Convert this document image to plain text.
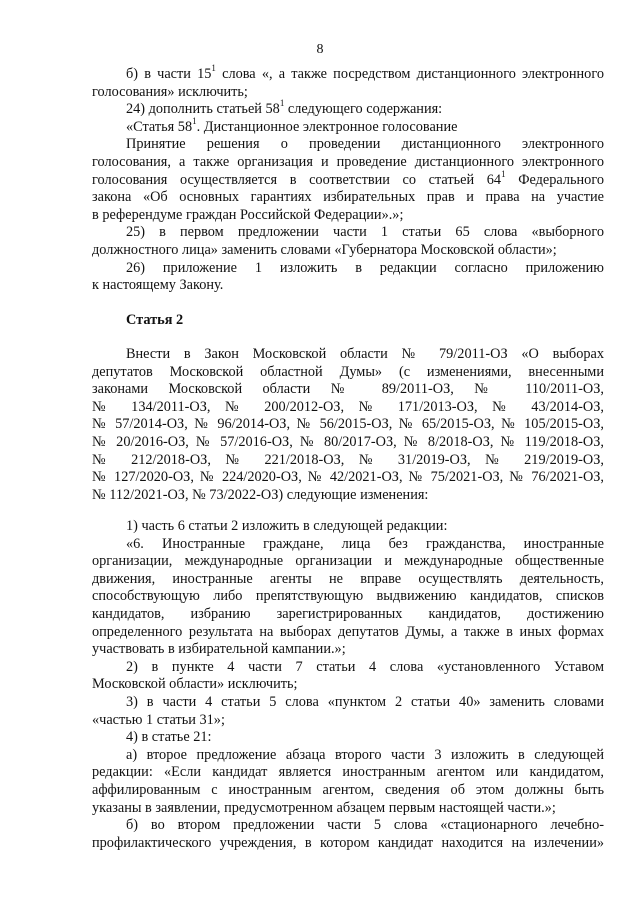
8
б) в части $15^1$ слова «, а также посредством дистанционного электронного
голосования» исключить;
24) дополнить статьей $58^1$ следующего содержания:
«Статья $58^1$. Дистанционное электронное голосование
Принятие решения о проведении дистанционного электронного
голосования, а также организация и проведение дистанционного электронного
голосования осуществляется в соответствии со статьей $64^1$ Федерального
закона «Об основных гарантиях избирательных прав и права на участие
в референдуме граждан Российской Федерации».»;
25) в первом предложении части 1 статьи 65 слова «выборного
должностного лица» заменить словами «Губернатора Московской области»;
26) приложение 1 изложить в редакции согласно приложению
к настоящему Закону.
Статья 2
Внести в Закон Московской области № 79/2011-ОЗ «О выборах
депутатов Московской областной Думы» (с изменениями, внесенными
законами Московской области № 89/2011-ОЗ, № 110/2011-ОЗ,
№ 134/2011-ОЗ, № 200/2012-ОЗ, № 171/2013-ОЗ, № 43/2014-ОЗ,
№ 57/2014-ОЗ, № 96/2014-ОЗ, № 56/2015-ОЗ, № 65/2015-ОЗ, № 105/2015-ОЗ,
№ 20/2016-ОЗ, № 57/2016-ОЗ, № 80/2017-ОЗ, № 8/2018-ОЗ, № 119/2018-ОЗ,
№ 212/2018-ОЗ, № 221/2018-ОЗ, № 31/2019-ОЗ, № 219/2019-ОЗ,
№ 127/2020-ОЗ, № 224/2020-ОЗ, № 42/2021-ОЗ, № 75/2021-ОЗ, № 76/2021-ОЗ,
№ 112/2021-ОЗ, № 73/2022-ОЗ) следующие изменения:
1) часть 6 статьи 2 изложить в следующей редакции:
«6. Иностранные граждане, лица без гражданства, иностранные
организации, международные организации и международные общественные
движения, иностранные агенты не вправе осуществлять деятельность,
способствующую либо препятствующую выдвижению кандидатов, списков
кандидатов, избранию зарегистрированных кандидатов, достижению
определенного результата на выборах депутатов Думы, а также в иных формах
участвовать в избирательной кампании.»;
2) в пункте 4 части 7 статьи 4 слова «установленного Уставом
Московской области» исключить;
3) в части 4 статьи 5 слова «пунктом 2 статьи 40» заменить словами
«частью 1 статьи 31»;
4) в статье 21:
а) второе предложение абзаца второго части 3 изложить в следующей
редакции: «Если кандидат является иностранным агентом или кандидатом,
аффилированным с иностранным агентом, сведения об этом должны быть
указаны в заявлении, предусмотренном абзацем первым настоящей части.»;
б) во втором предложении части 5 слова «стационарного лечебно-
профилактического учреждения, в котором кандидат находится на излечении»
